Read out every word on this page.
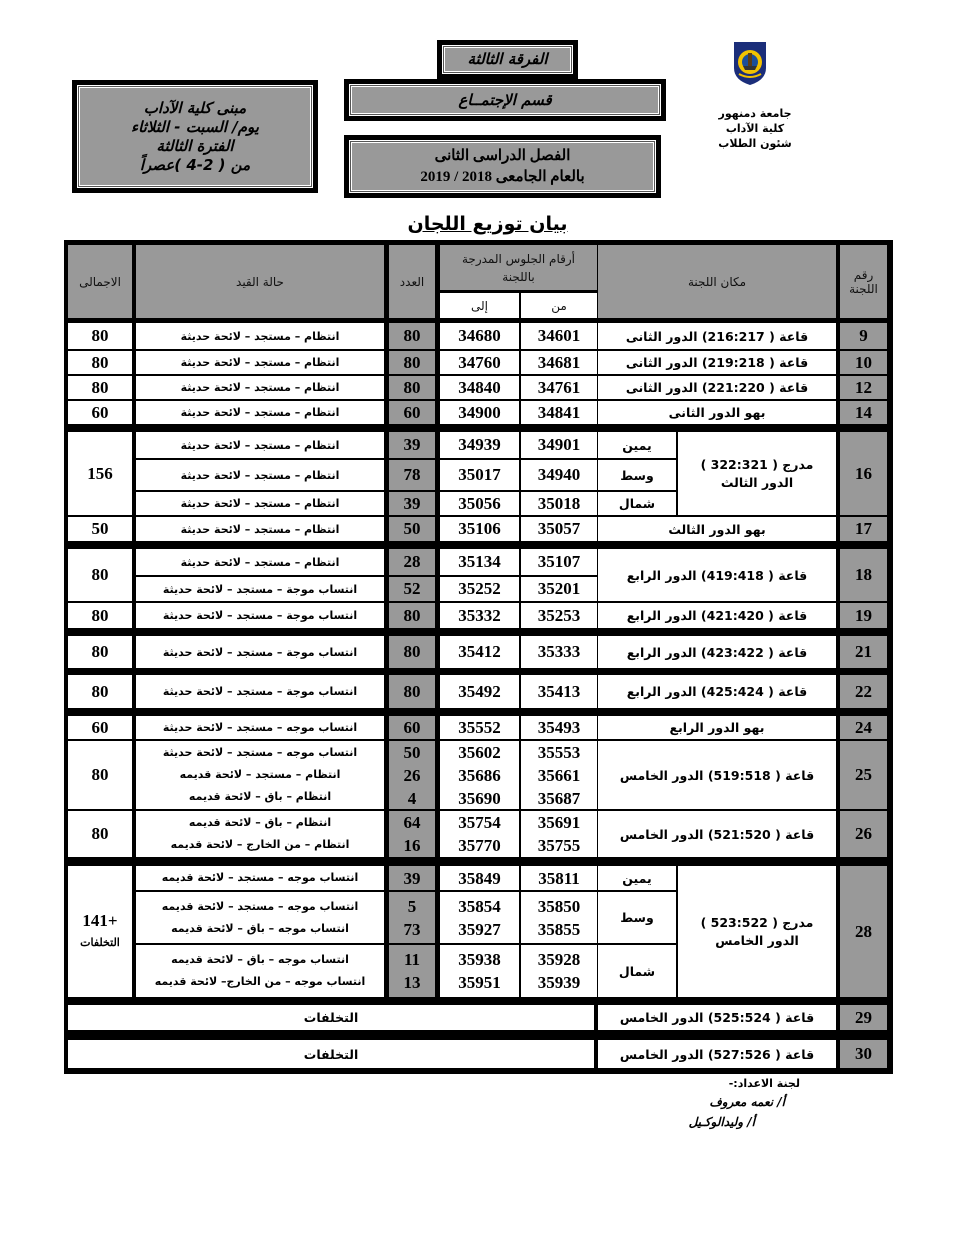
مبنى كلية الآداب
يوم/ السبت - الثلاثاء
الفترة الثالثة
من ( 2-4 )عصراً
الفرقة الثالثة
قسم الإجتمــاع
الفصل الدراسى الثانى
بالعام الجامعى 2018 / 2019
جامعة دمنهور
كلية الآداب
شئون الطلاب
بيان توزيع اللجان
رقم اللجنة
مكان اللجنة
أرقام الجلوس المدرجة باللجنة
من
إلى
العدد
حالة القيد
الاجمالى
9
قاعة ( 216:217) الدور الثانى
34601
34680
80
انتظام – مستجد – لائحة حديثة
80
10
قاعة ( 219:218) الدور الثانى
34681
34760
80
انتظام – مستجد – لائحة حديثة
80
12
قاعة ( 221:220) الدور الثانى
34761
34840
80
انتظام – مستجد – لائحة حديثة
80
14
بهو الدور الثانى
34841
34900
60
انتظام – مستجد – لائحة حديثة
60
16
مدرج ( 322:321 )
الدور الثالث
156
يمين
34901
34939
39
انتظام – مستجد – لائحة حديثة
وسط
34940
35017
78
انتظام – مستجد – لائحة حديثة
شمال
35018
35056
39
انتظام – مستجد – لائحة حديثة
17
بهو الدور الثالث
35057
35106
50
انتظام – مستجد – لائحة حديثة
50
18
قاعة ( 419:418) الدور الرابع
80
35107
35134
28
انتظام – مستجد – لائحة حديثة
35201
35252
52
انتساب موجة – مستجد – لائحة حديثة
19
قاعة ( 421:420) الدور الرابع
35253
35332
80
انتساب موجة – مستجد – لائحة حديثة
80
21
قاعة ( 423:422) الدور الرابع
35333
35412
80
انتساب موجة – مستجد – لائحة حديثة
80
22
قاعة ( 425:424) الدور الرابع
35413
35492
80
انتساب موجة – مستجد – لائحة حديثة
80
24
بهو الدور الرابع
35493
35552
60
انتساب موجه – مستجد – لائحة حديثة
60
25
قاعة ( 519:518) الدور الخامس
35553
35661
35687
35602
35686
35690
50
26
4
انتساب موجه – مستجد – لائحة حديثة
انتظام – مستجد – لائحة قديمه
انتظام – باق – لائحة قديمه
80
26
قاعة ( 521:520) الدور الخامس
35691
35755
35754
35770
64
16
انتظام – باق – لائحة قديمه
انتظام – من الخارج – لائحة قديمه
80
28
مدرج ( 523:522 )
الدور الخامس
+141
التخلفات
يمين
35811
35849
39
انتساب موجه – مستجد – لائحة قديمه
وسط
35850
35855
35854
35927
5
73
انتساب موجه – مستجد – لائحة قديمه
انتساب موجه – باق – لائحة قديمه
شمال
35928
35939
35938
35951
11
13
انتساب موجه – باق – لائحة قديمه
انتساب موجه – من الخارج– لائحة قديمه
29
قاعة ( 525:524) الدور الخامس
التخلفات
30
قاعة ( 527:526) الدور الخامس
التخلفات
لجنة الاعداد:-
أ/ نعمه معروف
أ/ وليدالوكـيل
